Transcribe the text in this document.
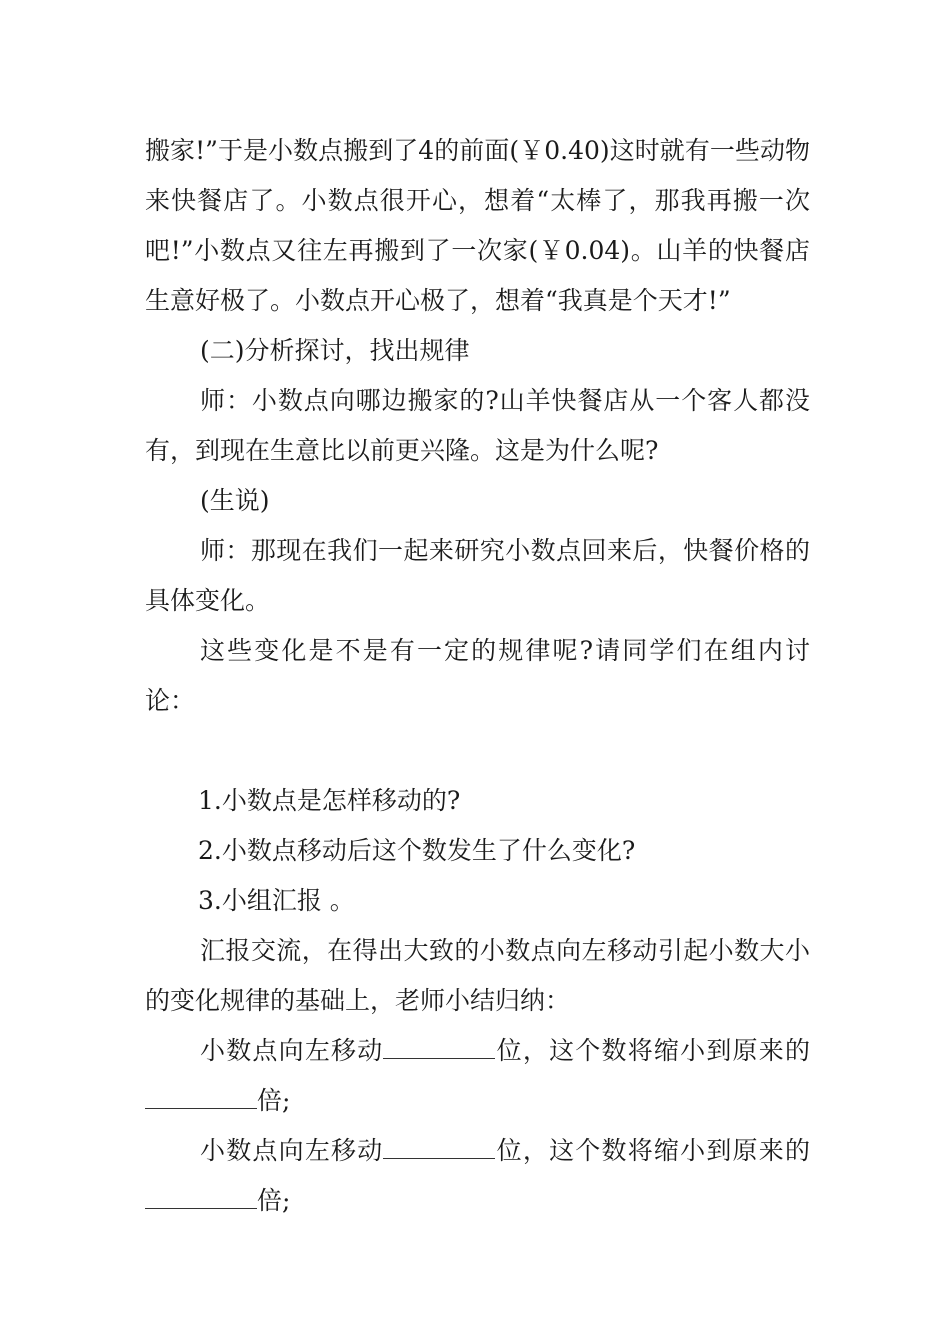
搬家!”于是小数点搬到了4的前面(￥0.40)这时就有一些动物来快餐店了。小数点很开心，想着“太棒了，那我再搬一次吧!”小数点又往左再搬到了一次家(￥0.04)。山羊的快餐店生意好极了。小数点开心极了，想着“我真是个天才!”

(二)分析探讨，找出规律

师：小数点向哪边搬家的?山羊快餐店从一个客人都没有，到现在生意比以前更兴隆。这是为什么呢?

(生说)

师：那现在我们一起来研究小数点回来后，快餐价格的具体变化。

这些变化是不是有一定的规律呢?请同学们在组内讨论：

1.小数点是怎样移动的?

2.小数点移动后这个数发生了什么变化?

3.小组汇报 。

汇报交流，在得出大致的小数点向左移动引起小数大小的变化规律的基础上，老师小结归纳：

小数点向左移动	位，这个数将缩小到原来的倍;

小数点向左移动	位，这个数将缩小到原来的倍;
